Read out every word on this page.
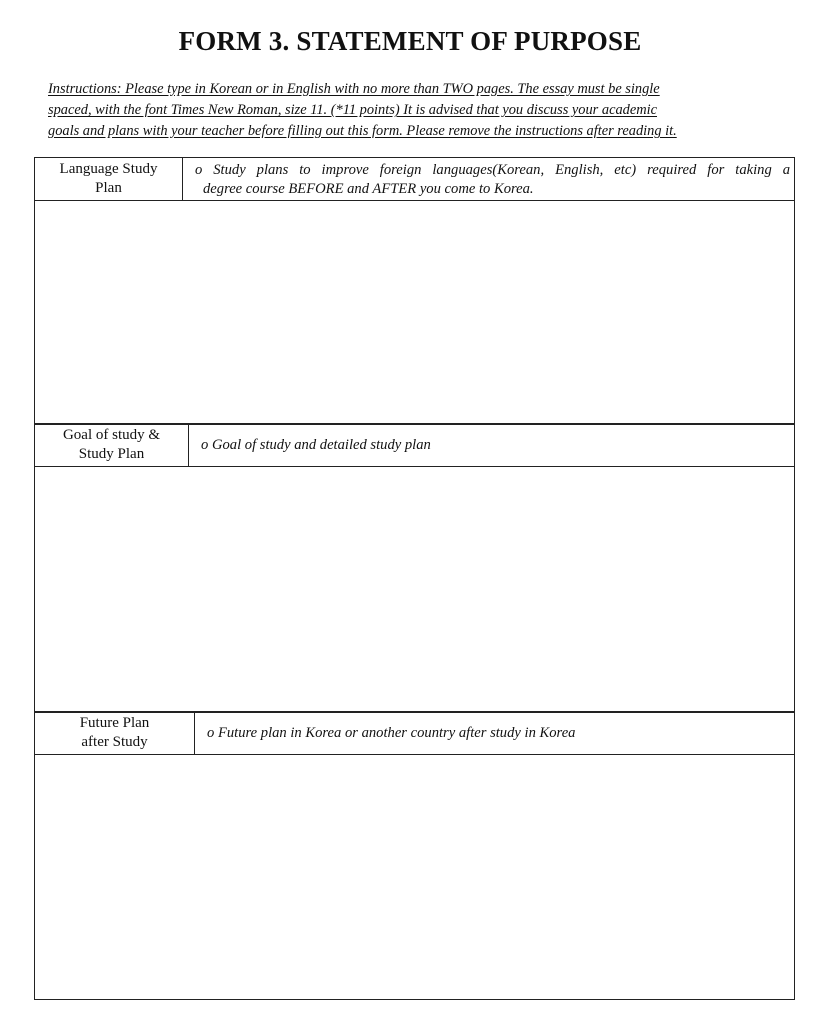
FORM 3. STATEMENT OF PURPOSE
Instructions: Please type in Korean or in English with no more than TWO pages. The essay must be single
spaced, with the font Times New Roman, size 11. (*11 points) It is advised that you discuss your academic
goals and plans with your teacher before filling out this form. Please remove the instructions after reading it.
Language Study
Plan
o Study plans to improve foreign languages(Korean, English, etc) required for taking a
degree course BEFORE and AFTER you come to Korea.
Goal of study &
Study Plan
o Goal of study and detailed study plan
Future Plan
after Study
o Future plan in Korea or another country after study in Korea
